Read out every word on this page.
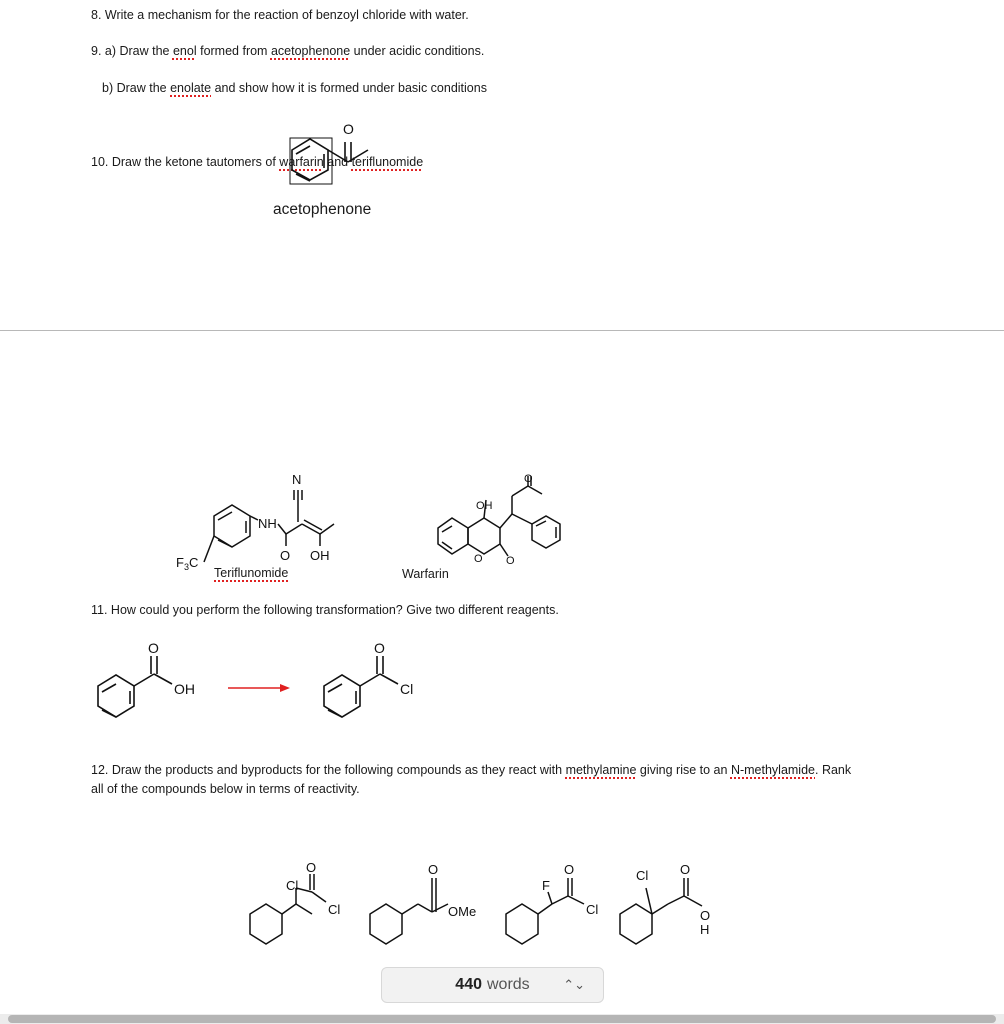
8. Write a mechanism for the reaction of benzoyl chloride with water.
9. a) Draw the enol formed from acetophenone under acidic conditions.
b) Draw the enolate and show how it is formed under basic conditions
10. Draw the ketone tautomers of warfarin and teriflunomide
O
acetophenone
N
NH
O OH
$F_3C$
Teriflunomide
OH
O
O O
Warfarin
11. How could you perform the following transformation? Give two different reagents.
O
OH
O
Cl
12. Draw the products and byproducts for the following compounds as they react with methylamine giving rise to an N-methylamide. Rank
all of the compounds below in terms of reactivity.
Cl
O
Cl
O
OMe
F
O
Cl
Cl O
O
H
440 words	⌃⌄
